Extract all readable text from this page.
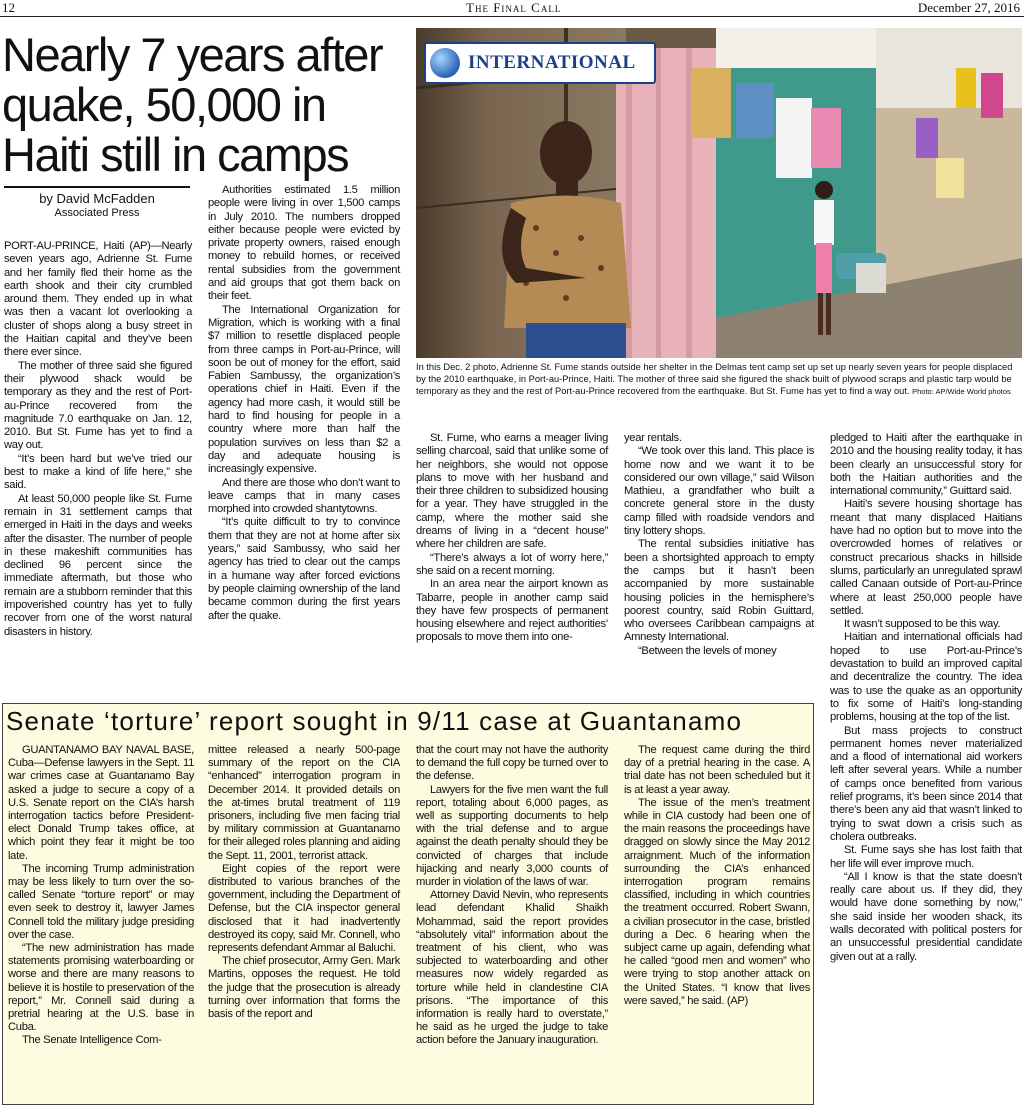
12	The Final Call	December 27, 2016
Nearly 7 years after quake, 50,000 in Haiti still in camps
by David McFadden
Associated Press
INTERNATIONAL
In this Dec. 2 photo, Adrienne St. Fume stands outside her shelter in the Delmas tent camp set up set up nearly seven years for people displaced by the 2010 earthquake, in Port-au-Prince, Haiti. The mother of three said she figured the shack built of plywood scraps and plastic tarp would be temporary as they and the rest of Port-au-Prince recovered from the earthquake. But St. Fume has yet to find a way out. Photo: AP/Wide World photos

PORT-AU-PRINCE, Haiti (AP)—Nearly seven years ago, Adrienne St. Fume and her family fled their home as the earth shook and their city crumbled around them. They ended up in what was then a vacant lot overlooking a cluster of shops along a busy street in the Haitian capital and they’ve been there ever since.

The mother of three said she figured their plywood shack would be temporary as they and the rest of Port-au-Prince recovered from the magnitude 7.0 earthquake on Jan. 12, 2010. But St. Fume has yet to find a way out.

“It’s been hard but we’ve tried our best to make a kind of life here,” she said.

At least 50,000 people like St. Fume remain in 31 settlement camps that emerged in Haiti in the days and weeks after the disaster. The number of people in these makeshift communities has declined 96 percent since the immediate aftermath, but those who remain are a stubborn reminder that this impoverished country has yet to fully recover from one of the worst natural disasters in history.

Authorities estimated 1.5 million people were living in over 1,500 camps in July 2010. The numbers dropped either because people were evicted by private property owners, raised enough money to rebuild homes, or received rental subsidies from the government and aid groups that got them back on their feet.

The International Organization for Migration, which is working with a final $7 million to resettle displaced people from three camps in Port-au-Prince, will soon be out of money for the effort, said Fabien Sambussy, the organization’s operations chief in Haiti. Even if the agency had more cash, it would still be hard to find housing for people in a country where more than half the population survives on less than $2 a day and adequate housing is increasingly expensive.

And there are those who don’t want to leave camps that in many cases morphed into crowded shantytowns.

“It’s quite difficult to try to convince them that they are not at home after six years,” said Sambussy, who said her agency has tried to clear out the camps in a humane way after forced evictions by people claiming ownership of the land became common during the first years after the quake.

St. Fume, who earns a meager living selling charcoal, said that unlike some of her neighbors, she would not oppose plans to move with her husband and their three children to subsidized housing for a year. They have struggled in the camp, where the mother said she dreams of living in a “decent house” where her children are safe.

“There’s always a lot of worry here,” she said on a recent morning.

In an area near the airport known as Tabarre, people in another camp said they have few prospects of permanent housing elsewhere and reject authorities’ proposals to move them into one-

year rentals.

“We took over this land. This place is home now and we want it to be considered our own village,” said Wilson Mathieu, a grandfather who built a concrete general store in the dusty camp filled with roadside vendors and tiny lottery shops.

The rental subsidies initiative has been a shortsighted approach to empty the camps but it hasn’t been accompanied by more sustainable housing policies in the hemisphere’s poorest country, said Robin Guittard, who oversees Caribbean campaigns at Amnesty International.

“Between the levels of money

pledged to Haiti after the earthquake in 2010 and the housing reality today, it has been clearly an unsuccessful story for both the Haitian authorities and the international community,” Guittard said.

Haiti’s severe housing shortage has meant that many displaced Haitians have had no option but to move into the overcrowded homes of relatives or construct precarious shacks in hillside slums, particularly an unregulated sprawl called Canaan outside of Port-au-Prince where at least 250,000 people have settled.

It wasn’t supposed to be this way.

Haitian and international officials had hoped to use Port-au-Prince’s devastation to build an improved capital and decentralize the country. The idea was to use the quake as an opportunity to fix some of Haiti’s long-standing problems, housing at the top of the list.

But mass projects to construct permanent homes never materialized and a flood of international aid workers left after several years. While a number of camps once benefited from various relief programs, it’s been since 2014 that there’s been any aid that wasn’t linked to trying to swat down a crisis such as cholera outbreaks.

St. Fume says she has lost faith that her life will ever improve much.

“All I know is that the state doesn’t really care about us. If they did, they would have done something by now,” she said inside her wooden shack, its walls decorated with political posters for an unsuccessful presidential candidate given out at a rally.

Senate ‘torture’ report sought in 9/11 case at Guantanamo

GUANTANAMO BAY NAVAL BASE, Cuba—Defense lawyers in the Sept. 11 war crimes case at Guantanamo Bay asked a judge to secure a copy of a U.S. Senate report on the CIA’s harsh interrogation tactics before President-elect Donald Trump takes office, at which point they fear it might be too late.

The incoming Trump administration may be less likely to turn over the so-called Senate “torture report” or may even seek to destroy it, lawyer James Connell told the military judge presiding over the case.

“The new administration has made statements promising waterboarding or worse and there are many reasons to believe it is hostile to preservation of the report,” Mr. Connell said during a pretrial hearing at the U.S. base in Cuba.

The Senate Intelligence Com-

mittee released a nearly 500-page summary of the report on the CIA “enhanced” interrogation program in December 2014. It provided details on the at-times brutal treatment of 119 prisoners, including five men facing trial by military commission at Guantanamo for their alleged roles planning and aiding the Sept. 11, 2001, terrorist attack.

Eight copies of the report were distributed to various branches of the government, including the Department of Defense, but the CIA inspector general disclosed that it had inadvertently destroyed its copy, said Mr. Connell, who represents defendant Ammar al Baluchi.

The chief prosecutor, Army Gen. Mark Martins, opposes the request. He told the judge that the prosecution is already turning over information that forms the basis of the report and

that the court may not have the authority to demand the full copy be turned over to the defense.

Lawyers for the five men want the full report, totaling about 6,000 pages, as well as supporting documents to help with the trial defense and to argue against the death penalty should they be convicted of charges that include hijacking and nearly 3,000 counts of murder in violation of the laws of war.

Attorney David Nevin, who represents lead defendant Khalid Shaikh Mohammad, said the report provides “absolutely vital” information about the treatment of his client, who was subjected to waterboarding and other measures now widely regarded as torture while held in clandestine CIA prisons. “The importance of this information is really hard to overstate,” he said as he urged the judge to take action before the January inauguration.

The request came during the third day of a pretrial hearing in the case. A trial date has not been scheduled but it is at least a year away.

The issue of the men’s treatment while in CIA custody had been one of the main reasons the proceedings have dragged on slowly since the May 2012 arraignment. Much of the information surrounding the CIA’s enhanced interrogation program remains classified, including in which countries the treatment occurred. Robert Swann, a civilian prosecutor in the case, bristled during a Dec. 6 hearing when the subject came up again, defending what he called “good men and women” who were trying to stop another attack on the United States. “I know that lives were saved,” he said. (AP)
